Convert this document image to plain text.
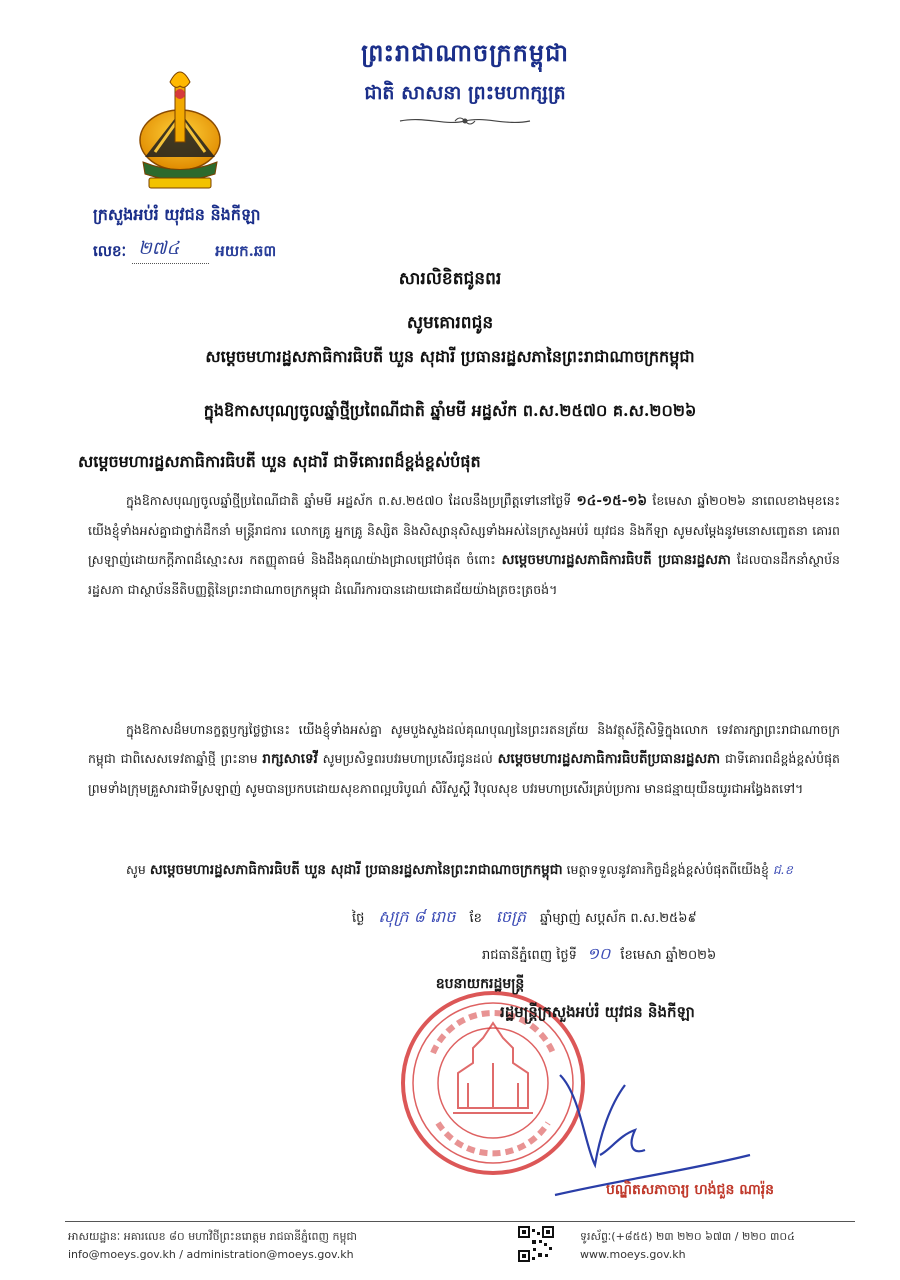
ព្រះរាជាណាចក្រកម្ពុជា
ជាតិ សាសនា ព្រះមហាក្សត្រ
ក្រសួងអប់រំ យុវជន និងកីឡា
លេខៈ ២៧៤	អយក.ឆ៣
សារលិខិតជូនពរ
សូមគោរពជូន
សម្តេចមហារដ្ឋសភាធិការធិបតី ឃួន សុដារី ប្រធានរដ្ឋសភានៃព្រះរាជាណាចក្រកម្ពុជា
ក្នុងឱកាសបុណ្យចូលឆ្នាំថ្មីប្រពៃណីជាតិ ឆ្នាំមមី អដ្ឋស័ក ព.ស.២៥៧០ គ.ស.២០២៦
សម្តេចមហារដ្ឋសភាធិការធិបតី ឃួន សុដារី ជាទីគោរពដ៏ខ្ពង់ខ្ពស់បំផុត
ក្នុងឱកាសបុណ្យចូលឆ្នាំថ្មីប្រពៃណីជាតិ ឆ្នាំមមី អដ្ឋស័ក ព.ស.២៥៧០ ដែលនឹងប្រព្រឹត្តទៅនៅថ្ងៃទី ១៤-១៥-១៦ ខែមេសា ឆ្នាំ២០២៦ នាពេលខាងមុខនេះ យើងខ្ញុំទាំងអស់គ្នាជាថ្នាក់ដឹកនាំ មន្ត្រីរាជការ លោកគ្រូ អ្នកគ្រូ និស្សិត និងសិស្សានុសិស្សទាំងអស់នៃក្រសួងអប់រំ យុវជន និងកីឡា សូមសម្តែងនូវមនោសញ្ចេតនា គោរពស្រឡាញ់ដោយកក្តីភាពដ៏ស្មោះសរ កតញ្ញុតាធម៌ និងដឹងគុណយ៉ាងជ្រាលជ្រៅបំផុត ចំពោះ សម្តេចមហារដ្ឋសភាធិការធិបតី ប្រធានរដ្ឋសភា ដែលបានដឹកនាំស្ថាប័នរដ្ឋសភា ជាស្ថាប័ននីតិបញ្ញត្តិនៃព្រះរាជាណាចក្រកម្ពុជា ដំណើរការបានដោយជោគជ័យយ៉ាងត្រចះត្រចង់។
ក្នុងឱកាសដ៏មហានក្ខត្តឫក្សថ្លៃថ្លានេះ យើងខ្ញុំទាំងអស់គ្នា សូមបួងសួងដល់គុណបុណ្យនៃព្រះរតនត្រ័យ និងវត្ថុស័ក្តិសិទ្ធិក្នុងលោក ទេវតារក្សាព្រះរាជាណាចក្រកម្ពុជា ជាពិសេសទេវតាឆ្នាំថ្មី ព្រះនាម រាក្សសាទេវី សូមប្រសិទ្ធពរបវរមហាប្រសើរជូនដល់ សម្តេចមហារដ្ឋសភាធិការធិបតីប្រធានរដ្ឋសភា ជាទីគោរពដ៏ខ្ពង់ខ្ពស់បំផុត ព្រមទាំងក្រុមគ្រួសារជាទីស្រឡាញ់ សូមបានប្រកបដោយសុខភាពល្អបរិបូណ៌ សិរីសួស្តី វិបុលសុខ បវរមហាប្រសើរគ្រប់ប្រការ មានជន្មាយុយឺនយូរជាអង្វែងតទៅ។
សូម សម្តេចមហារដ្ឋសភាធិការធិបតី ឃួន សុដារី ប្រធានរដ្ឋសភានៃព្រះរាជាណាចក្រកម្ពុជា មេត្តាទទួលនូវគារកិច្ចដ៏ខ្ពង់ខ្ពស់បំផុតពីយើងខ្ញុំ ជ.ខ
ថ្ងៃ សុក្រ ៨ រោច ខែ ចេត្រ ឆ្នាំម្សាញ់ សប្តស័ក ព.ស.២៥៦៩
រាជធានីភ្នំពេញ ថ្ងៃទី ១០ ខែមេសា ឆ្នាំ២០២៦
ឧបនាយករដ្ឋមន្ត្រី
រដ្ឋមន្ត្រីក្រសួងអប់រំ យុវជន និងកីឡា
បណ្ឌិតសភាចារ្យ ហង់ជួន ណារ៉ុន
អាសយដ្ឋានៈ អគារលេខ ៨០ មហាវិថីព្រះនរោត្តម រាជធានីភ្នំពេញ កម្ពុជា
info@moeys.gov.kh / administration@moeys.gov.kh
ទូរស័ព្ទៈ(+៨៥៥) ២៣ ២២០ ៦៧៣ / ២២០ ៣០៤
www.moeys.gov.kh
